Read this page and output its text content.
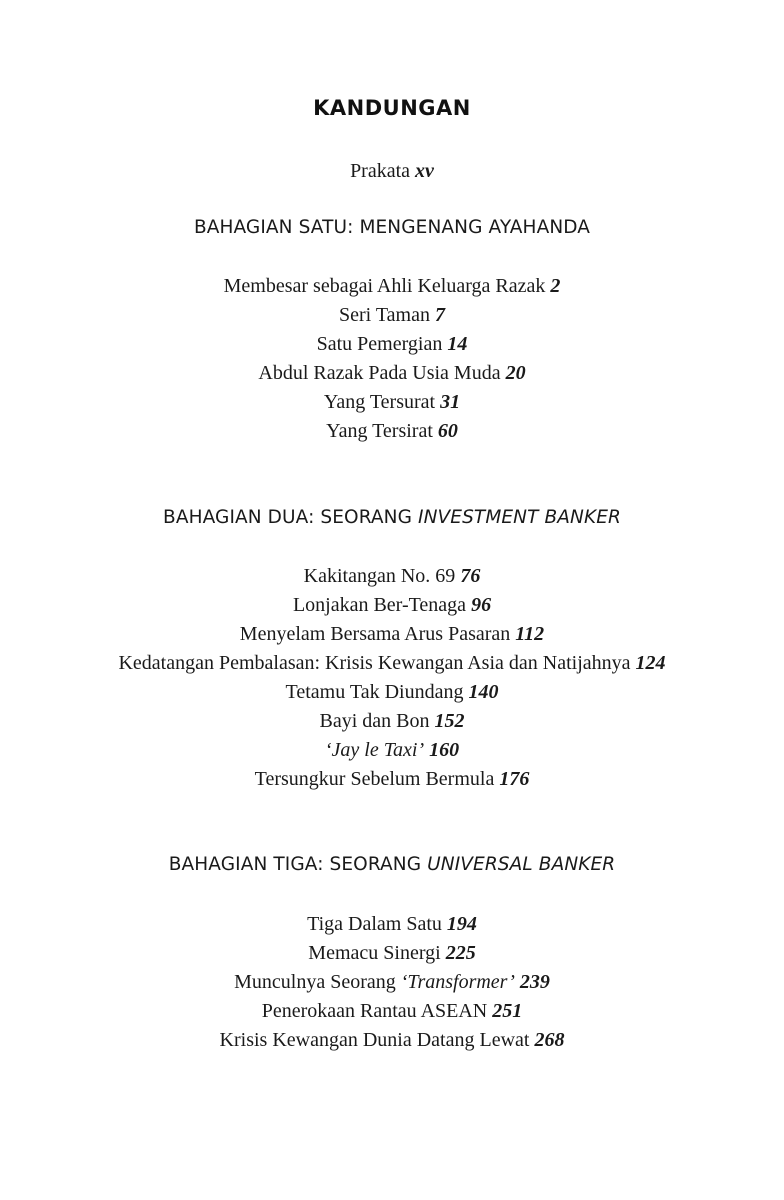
KANDUNGAN
Prakata xv
BAHAGIAN SATU: MENGENANG AYAHANDA
Membesar sebagai Ahli Keluarga Razak 2
Seri Taman 7
Satu Pemergian 14
Abdul Razak Pada Usia Muda 20
Yang Tersurat 31
Yang Tersirat 60
BAHAGIAN DUA: SEORANG INVESTMENT BANKER
Kakitangan No. 69 76
Lonjakan Ber-Tenaga 96
Menyelam Bersama Arus Pasaran 112
Kedatangan Pembalasan: Krisis Kewangan Asia dan Natijahnya 124
Tetamu Tak Diundang 140
Bayi dan Bon 152
‘Jay le Taxi’ 160
Tersungkur Sebelum Bermula 176
BAHAGIAN TIGA: SEORANG UNIVERSAL BANKER
Tiga Dalam Satu 194
Memacu Sinergi 225
Munculnya Seorang ‘Transformer’ 239
Penerokaan Rantau ASEAN 251
Krisis Kewangan Dunia Datang Lewat 268
